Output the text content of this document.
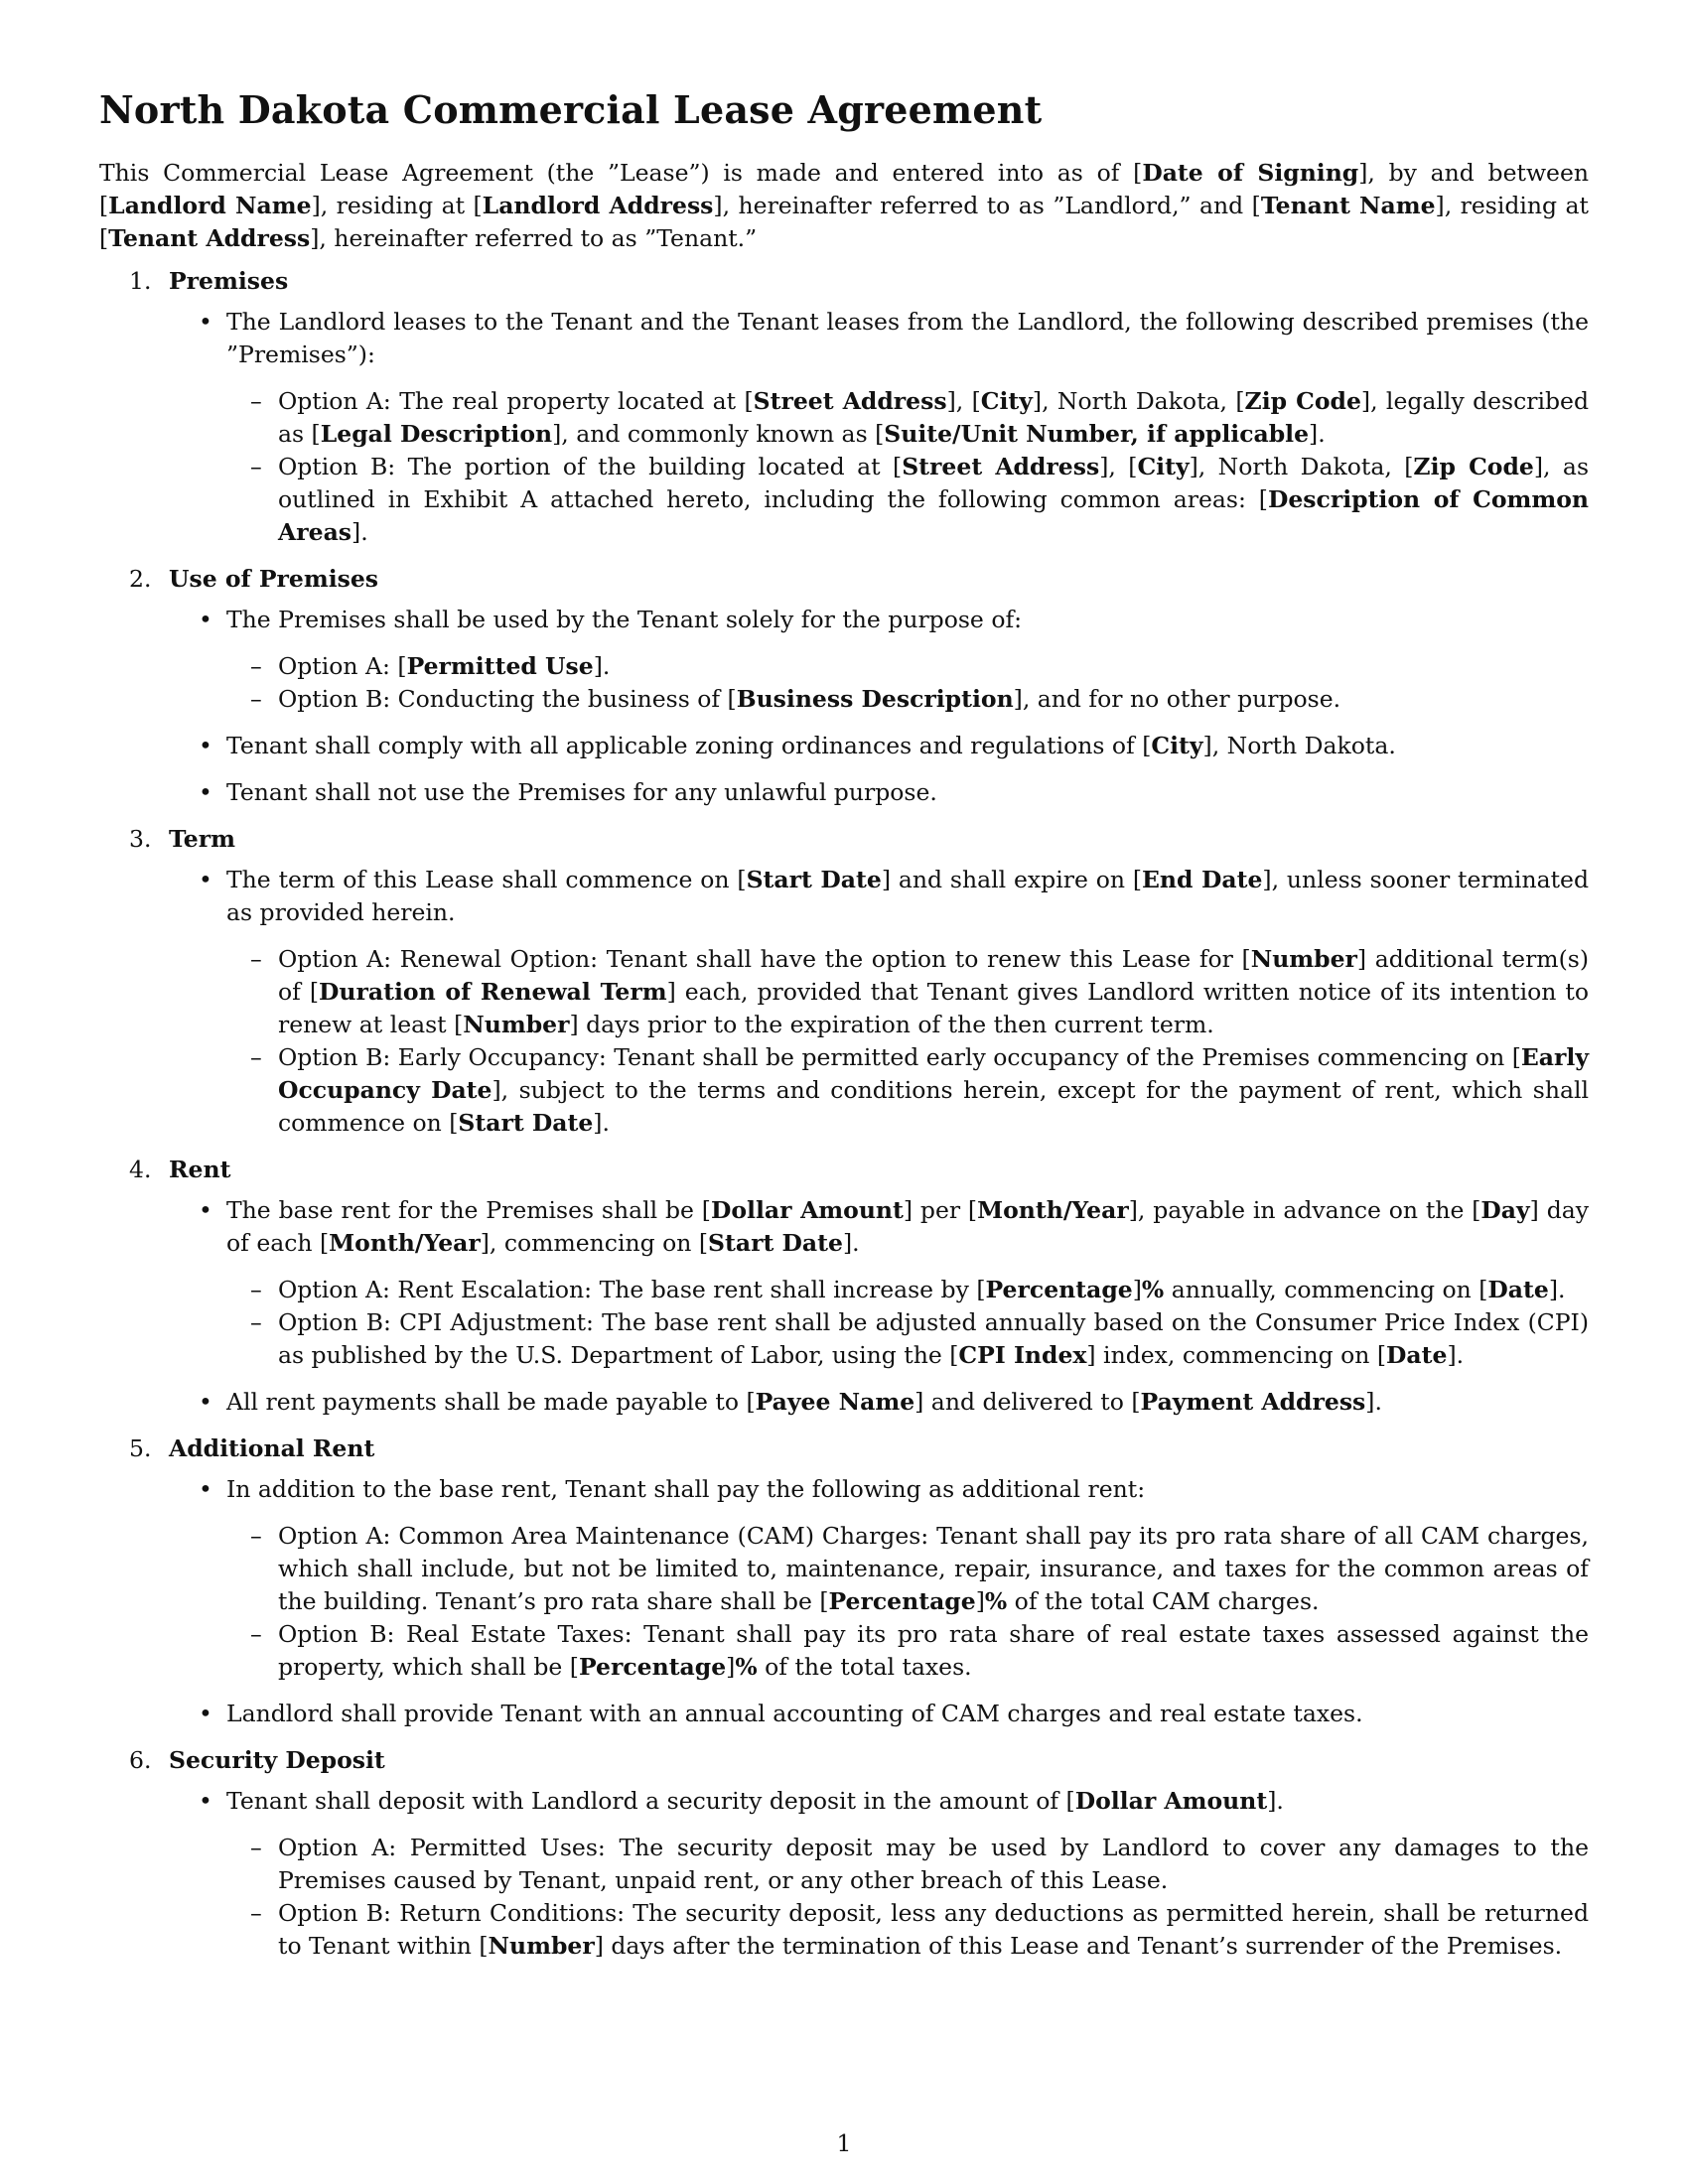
North Dakota Commercial Lease Agreement

This Commercial Lease Agreement (the ”Lease”) is made and entered into as of [Date of Signing], by and between [Landlord Name], residing at [Landlord Address], hereinafter referred to as ”Landlord,” and [Tenant Name], residing at [Tenant Address], hereinafter referred to as ”Tenant.”

1. Premises
• The Landlord leases to the Tenant and the Tenant leases from the Landlord, the following described premises (the ”Premises”):
– Option A: The real property located at [Street Address], [City], North Dakota, [Zip Code], legally described as [Legal Description], and commonly known as [Suite/Unit Number, if applicable].
– Option B: The portion of the building located at [Street Address], [City], North Dakota, [Zip Code], as outlined in Exhibit A attached hereto, including the following common areas: [Description of Common Areas].
2. Use of Premises
• The Premises shall be used by the Tenant solely for the purpose of:
– Option A: [Permitted Use].
– Option B: Conducting the business of [Business Description], and for no other purpose.
• Tenant shall comply with all applicable zoning ordinances and regulations of [City], North Dakota.
• Tenant shall not use the Premises for any unlawful purpose.
3. Term
• The term of this Lease shall commence on [Start Date] and shall expire on [End Date], unless sooner terminated as provided herein.
– Option A: Renewal Option: Tenant shall have the option to renew this Lease for [Number] additional term(s) of [Duration of Renewal Term] each, provided that Tenant gives Landlord written notice of its intention to renew at least [Number] days prior to the expiration of the then current term.
– Option B: Early Occupancy: Tenant shall be permitted early occupancy of the Premises commencing on [Early Occupancy Date], subject to the terms and conditions herein, except for the payment of rent, which shall commence on [Start Date].
4. Rent
• The base rent for the Premises shall be [Dollar Amount] per [Month/Year], payable in advance on the [Day] day of each [Month/Year], commencing on [Start Date].
– Option A: Rent Escalation: The base rent shall increase by [Percentage]% annually, commencing on [Date].
– Option B: CPI Adjustment: The base rent shall be adjusted annually based on the Consumer Price Index (CPI) as published by the U.S. Department of Labor, using the [CPI Index] index, commencing on [Date].
• All rent payments shall be made payable to [Payee Name] and delivered to [Payment Address].
5. Additional Rent
• In addition to the base rent, Tenant shall pay the following as additional rent:
– Option A: Common Area Maintenance (CAM) Charges: Tenant shall pay its pro rata share of all CAM charges, which shall include, but not be limited to, maintenance, repair, insurance, and taxes for the common areas of the building. Tenant’s pro rata share shall be [Percentage]% of the total CAM charges.
– Option B: Real Estate Taxes: Tenant shall pay its pro rata share of real estate taxes assessed against the property, which shall be [Percentage]% of the total taxes.
• Landlord shall provide Tenant with an annual accounting of CAM charges and real estate taxes.
6. Security Deposit
• Tenant shall deposit with Landlord a security deposit in the amount of [Dollar Amount].
– Option A: Permitted Uses: The security deposit may be used by Landlord to cover any damages to the Premises caused by Tenant, unpaid rent, or any other breach of this Lease.
– Option B: Return Conditions: The security deposit, less any deductions as permitted herein, shall be returned to Tenant within [Number] days after the termination of this Lease and Tenant’s surrender of the Premises.
1
